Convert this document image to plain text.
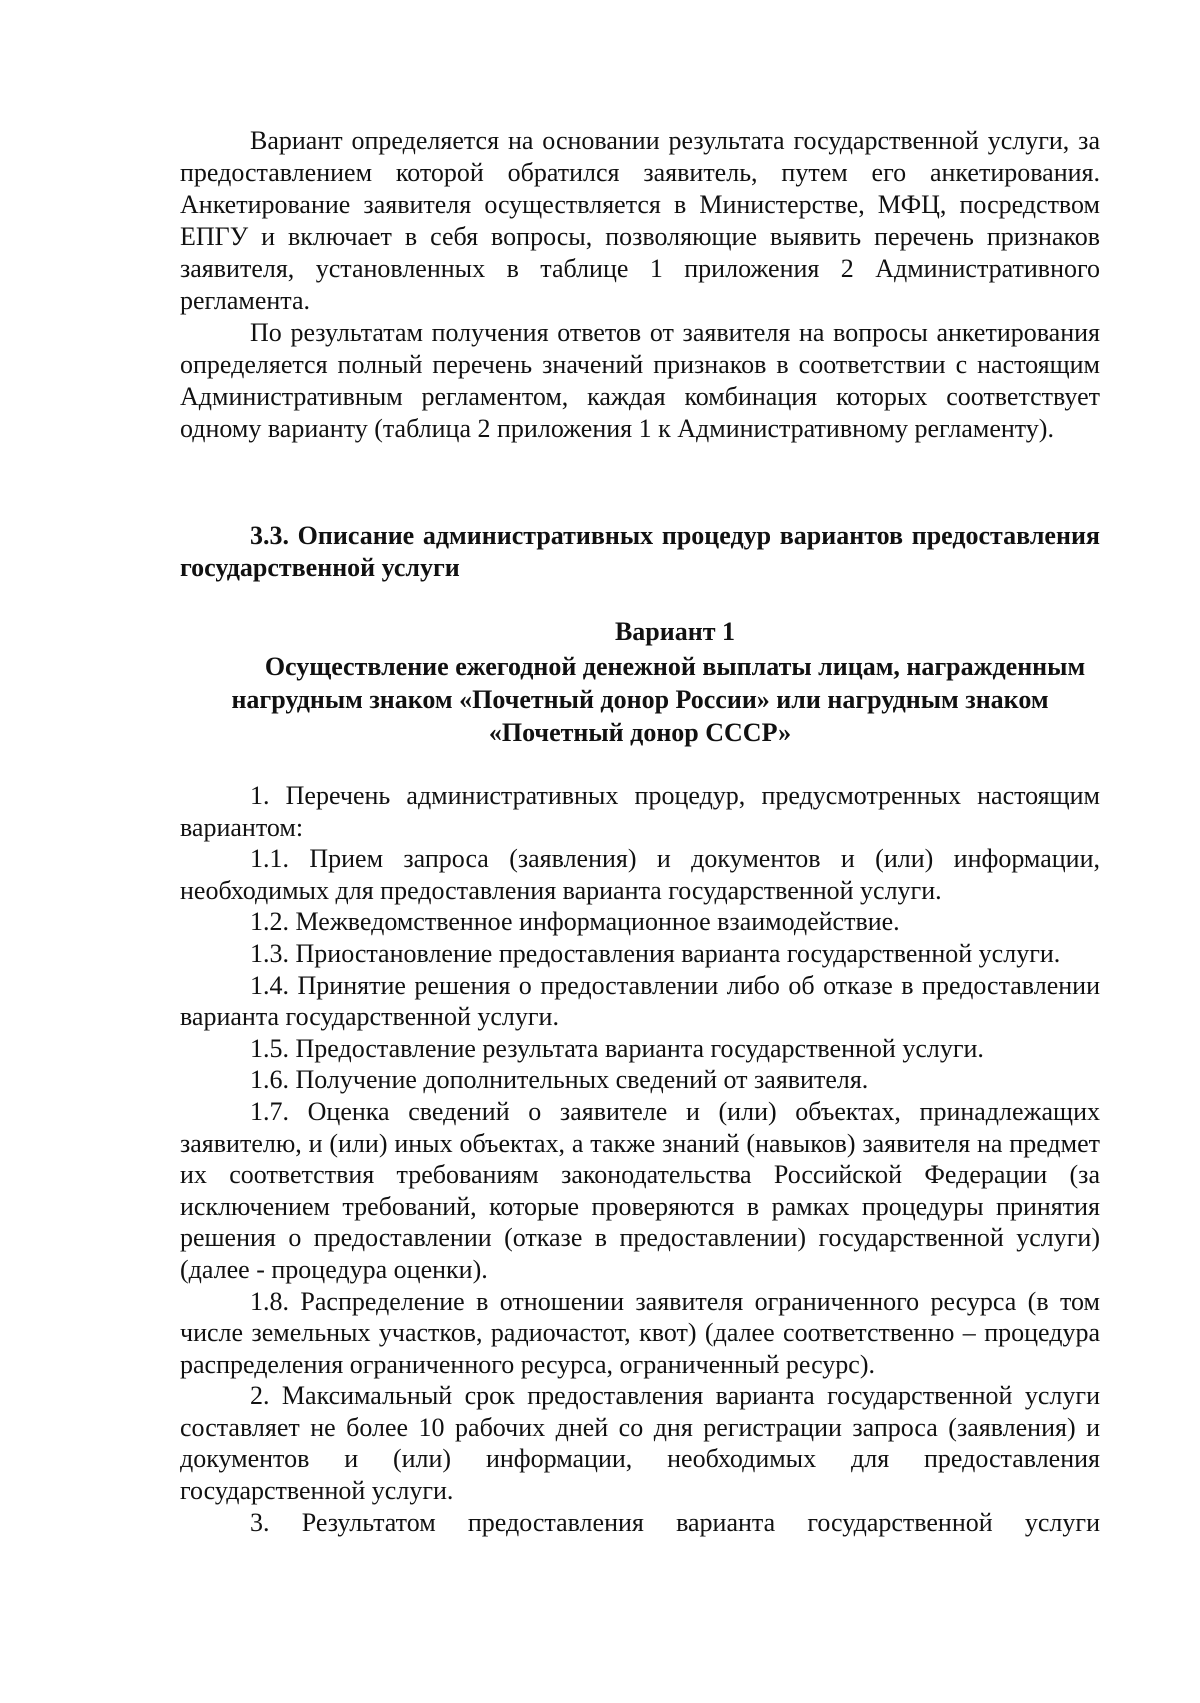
Вариант определяется на основании результата государственной услуги, за предоставлением которой обратился заявитель, путем его анкетирования. Анкетирование заявителя осуществляется в Министерстве, МФЦ, посредством ЕПГУ и включает в себя вопросы, позволяющие выявить перечень признаков заявителя, установленных в таблице 1 приложения 2 Административного регламента.

По результатам получения ответов от заявителя на вопросы анкетирования определяется полный перечень значений признаков в соответствии с настоящим Административным регламентом, каждая комбинация которых соответствует одному варианту (таблица 2 приложения 1 к Административному регламенту).

3.3. Описание административных процедур вариантов предоставления государственной услуги

Вариант 1

Осуществление ежегодной денежной выплаты лицам, награжденным нагрудным знаком «Почетный донор России» или нагрудным знаком «Почетный донор СССР»

1. Перечень административных процедур, предусмотренных настоящим вариантом:

1.1. Прием запроса (заявления) и документов и (или) информации, необходимых для предоставления варианта государственной услуги.

1.2. Межведомственное информационное взаимодействие.

1.3. Приостановление предоставления варианта государственной услуги.

1.4. Принятие решения о предоставлении либо об отказе в предоставлении варианта государственной услуги.

1.5. Предоставление результата варианта государственной услуги.

1.6. Получение дополнительных сведений от заявителя.

1.7. Оценка сведений о заявителе и (или) объектах, принадлежащих заявителю, и (или) иных объектах, а также знаний (навыков) заявителя на предмет их соответствия требованиям законодательства Российской Федерации (за исключением требований, которые проверяются в рамках процедуры принятия решения о предоставлении (отказе в предоставлении) государственной услуги) (далее - процедура оценки).

1.8. Распределение в отношении заявителя ограниченного ресурса (в том числе земельных участков, радиочастот, квот) (далее соответственно – процедура распределения ограниченного ресурса, ограниченный ресурс).

2. Максимальный срок предоставления варианта государственной услуги составляет не более 10 рабочих дней со дня регистрации запроса (заявления) и документов и (или) информации, необходимых для предоставления государственной услуги.

3. Результатом предоставления варианта государственной услуги
